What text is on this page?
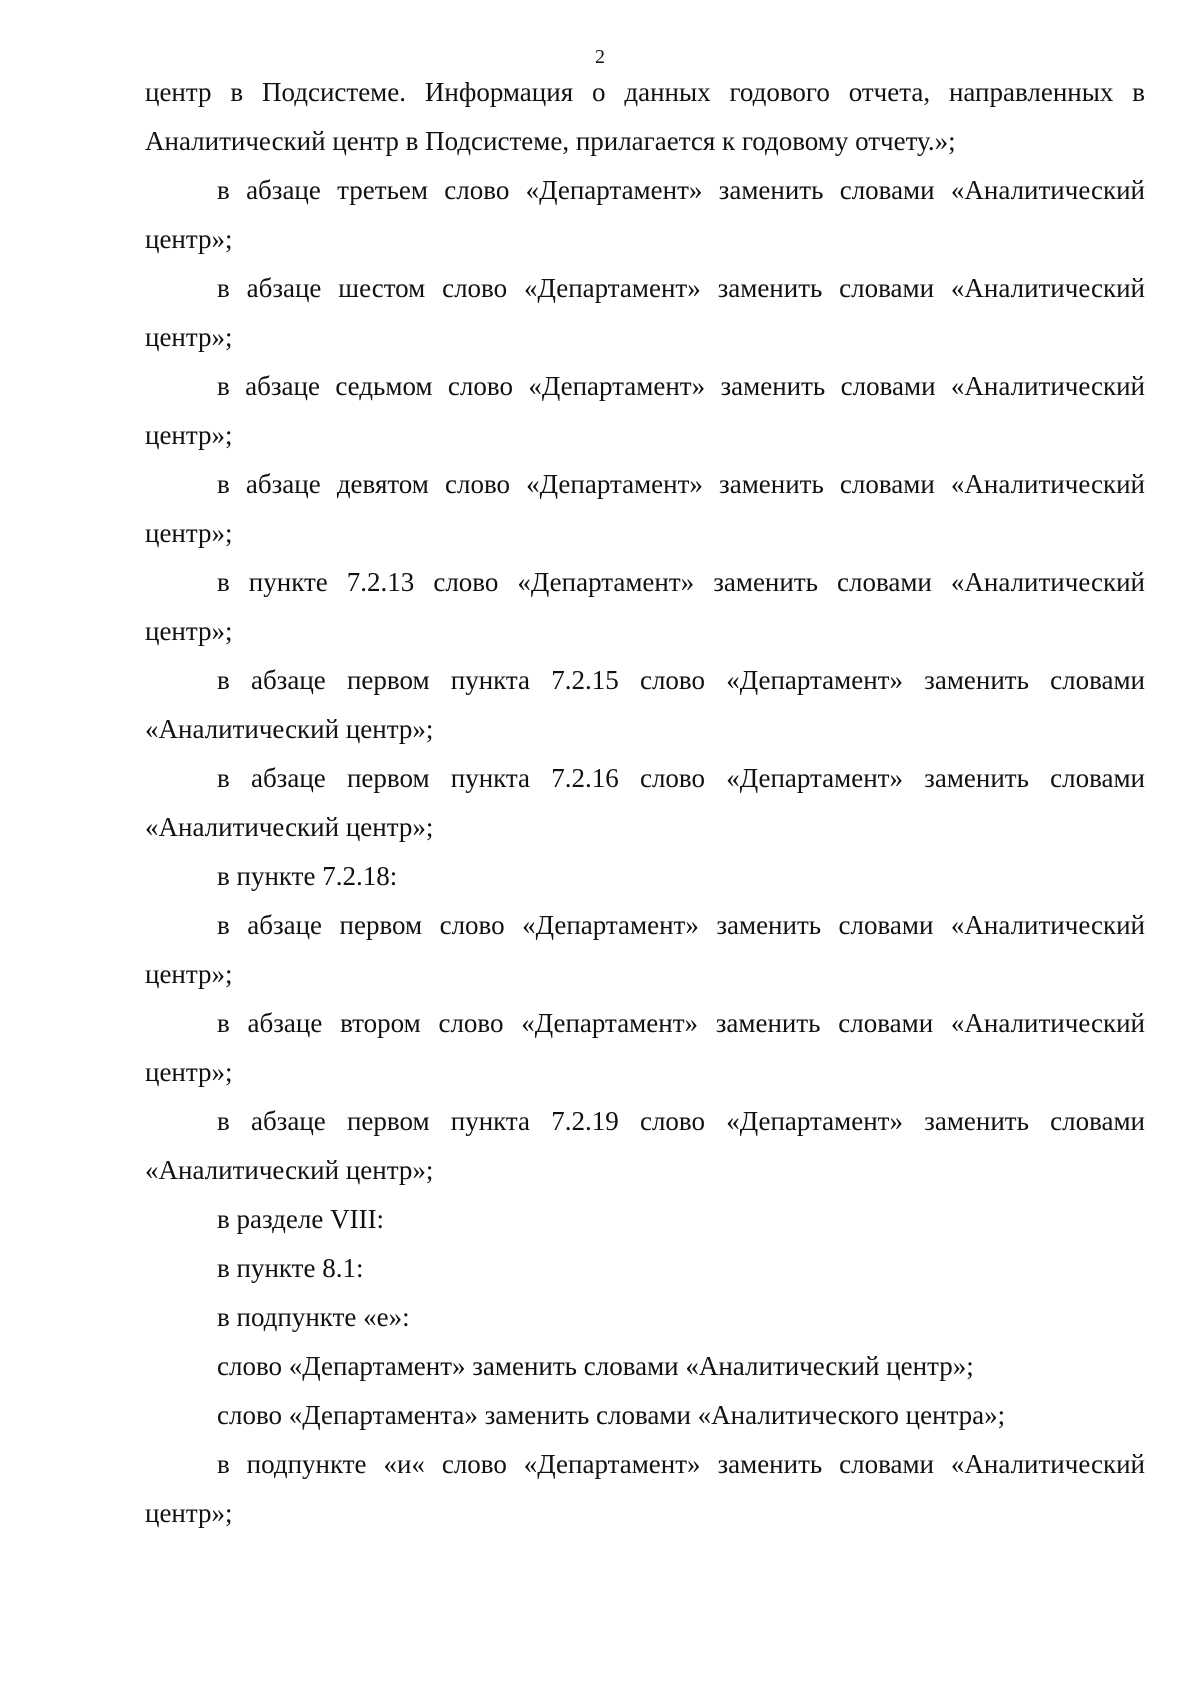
2

центр в Подсистеме. Информация о данных годового отчета, направленных в
Аналитический центр в Подсистеме, прилагается к годовому отчету.»;

в абзаце третьем слово «Департамент» заменить словами «Аналитический
центр»;

в абзаце шестом слово «Департамент» заменить словами «Аналитический
центр»;

в абзаце седьмом слово «Департамент» заменить словами «Аналитический
центр»;

в абзаце девятом слово «Департамент» заменить словами «Аналитический
центр»;

в пункте 7.2.13 слово «Департамент» заменить словами «Аналитический
центр»;

в абзаце первом пункта 7.2.15 слово «Департамент» заменить словами
«Аналитический центр»;

в абзаце первом пункта 7.2.16 слово «Департамент» заменить словами
«Аналитический центр»;

в пункте 7.2.18:

в абзаце первом слово «Департамент» заменить словами «Аналитический
центр»;

в абзаце втором слово «Департамент» заменить словами «Аналитический
центр»;

в абзаце первом пункта 7.2.19 слово «Департамент» заменить словами
«Аналитический центр»;

в разделе VIII:

в пункте 8.1:

в подпункте «е»:

слово «Департамент» заменить словами «Аналитический центр»;

слово «Департамента» заменить словами «Аналитического центра»;

в подпункте «и« слово «Департамент» заменить словами «Аналитический
центр»;
